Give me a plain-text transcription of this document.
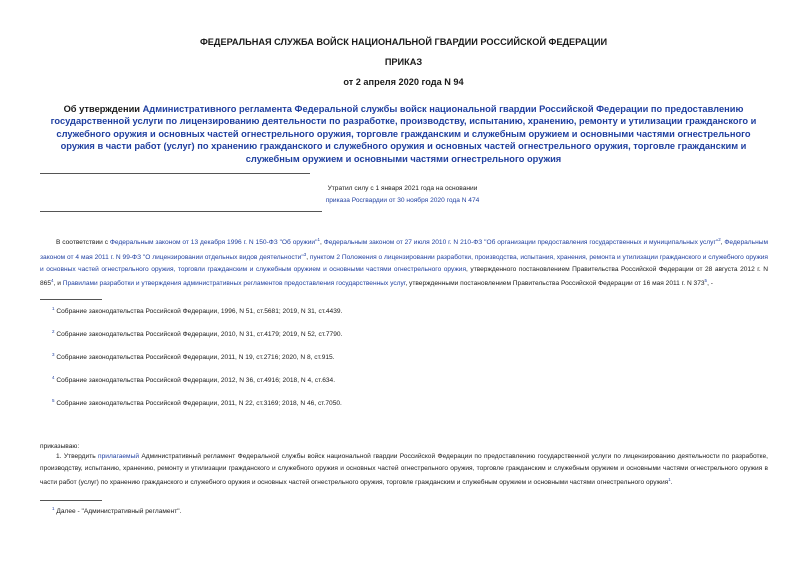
ФЕДЕРАЛЬНАЯ СЛУЖБА ВОЙСК НАЦИОНАЛЬНОЙ ГВАРДИИ РОССИЙСКОЙ ФЕДЕРАЦИИ
ПРИКАЗ
от 2 апреля 2020 года N 94
Об утверждении Административного регламента Федеральной службы войск национальной гвардии Российской Федерации по предоставлению государственной услуги по лицензированию деятельности по разработке, производству, испытанию, хранению, ремонту и утилизации гражданского и служебного оружия и основных частей огнестрельного оружия, торговле гражданским и служебным оружием и основными частями огнестрельного оружия в части работ (услуг) по хранению гражданского и служебного оружия и основных частей огнестрельного оружия, торговле гражданским и служебным оружием и основными частями огнестрельного оружия
Утратил силу с 1 января 2021 года на основании
приказа Росгвардии от 30 ноября 2020 года N 474
В соответствии с Федеральным законом от 13 декабря 1996 г. N 150-ФЗ "Об оружии"$^1$, Федеральным законом от 27 июля 2010 г. N 210-ФЗ "Об организации предоставления государственных и муниципальных услуг"$^2$, Федеральным законом от 4 мая 2011 г. N 99-ФЗ "О лицензировании отдельных видов деятельности"$^3$, пунктом 2 Положения о лицензировании разработки, производства, испытания, хранения, ремонта и утилизации гражданского и служебного оружия и основных частей огнестрельного оружия, торговли гражданским и служебным оружием и основными частями огнестрельного оружия, утвержденного постановлением Правительства Российской Федерации от 28 августа 2012 г. N $865^4$, и Правилами разработки и утверждения административных регламентов предоставления государственных услуг, утвержденными постановлением Правительства Российской Федерации от 16 мая 2011 г. N $373^5$, -
$^1$ Собрание законодательства Российской Федерации, 1996, N 51, ст.5681; 2019, N 31, ст.4439.
$^2$ Собрание законодательства Российской Федерации, 2010, N 31, ст.4179; 2019, N 52, ст.7790.
$^3$ Собрание законодательства Российской Федерации, 2011, N 19, ст.2716; 2020, N 8, ст.915.
$^4$ Собрание законодательства Российской Федерации, 2012, N 36, ст.4916; 2018, N 4, ст.634.
$^5$ Собрание законодательства Российской Федерации, 2011, N 22, ст.3169; 2018, N 46, ст.7050.
приказываю:
1. Утвердить прилагаемый Административный регламент Федеральной службы войск национальной гвардии Российской Федерации по предоставлению государственной услуги по лицензированию деятельности по разработке, производству, испытанию, хранению, ремонту и утилизации гражданского и служебного оружия и основных частей огнестрельного оружия, торговле гражданским и служебным оружием и основными частями огнестрельного оружия в части работ (услуг) по хранению гражданского и служебного оружия и основных частей огнестрельного оружия, торговле гражданским и служебным оружием и основными частями огнестрельного оружия$^1$.
$^1$ Далее - "Административный регламент".
